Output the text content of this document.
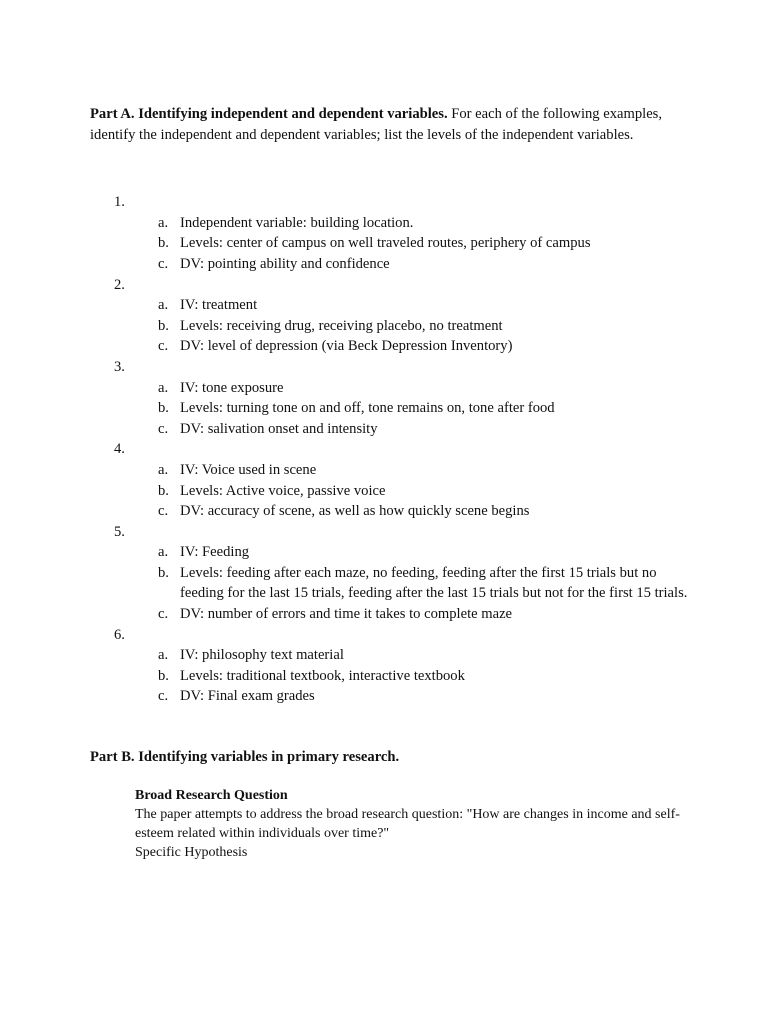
Part A. Identifying independent and dependent variables. For each of the following examples, identify the independent and dependent variables; list the levels of the independent variables.

1.
a. Independent variable: building location.
b. Levels: center of campus on well traveled routes, periphery of campus
c. DV: pointing ability and confidence
2.
a. IV: treatment
b. Levels: receiving drug, receiving placebo, no treatment
c. DV: level of depression (via Beck Depression Inventory)
3.
a. IV: tone exposure
b. Levels: turning tone on and off, tone remains on, tone after food
c. DV: salivation onset and intensity
4.
a. IV: Voice used in scene
b. Levels: Active voice, passive voice
c. DV: accuracy of scene, as well as how quickly scene begins
5.
a. IV: Feeding
b. Levels: feeding after each maze, no feeding, feeding after the first 15 trials but no feeding for the last 15 trials, feeding after the last 15 trials but not for the first 15 trials.
c. DV: number of errors and time it takes to complete maze
6.
a. IV: philosophy text material
b. Levels: traditional textbook, interactive textbook
c. DV: Final exam grades
Part B. Identifying variables in primary research.
Broad Research Question
The paper attempts to address the broad research question: "How are changes in income and self-esteem related within individuals over time?"
Specific Hypothesis
